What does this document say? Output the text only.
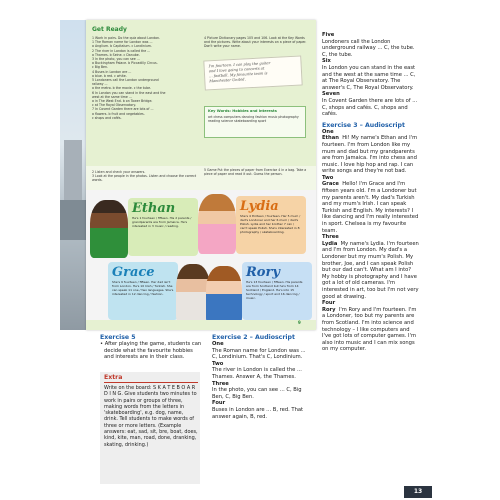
Get Ready
1 Work in pairs. Do the quiz about London.
1 The Roman name for London was ...
a Anglium. b Capitalum. c Londinium.
2 The river in London is called the ...
a Thames. b Seine. c Danube.
3 In the photo, you can see ...
a Buckingham Palace. b Piccadilly Circus.
c Big Ben.
4 Buses in London are ...
a blue. b red. c white.
5 Londoners call the London underground
railway ...
a the metro. b the movie. c the tube.
6 In London you can stand in the east and the
west at the same time ...
a in The West End. b on Tower Bridge.
c at The Royal Observatory.
7 In Covent Garden there are lots of ...
a flowers. b fruit and vegetables.
c shops and cafés.
4 Picture Dictionary pages 105 and 106. Look at the Key Words and the pictures. Write about your interests on a piece of paper. Don't write your name.
I'm fourteen. I can play the guitar
and I love going to concerts at
... football. My favourite team is
Manchester United.
Key Words: Hobbies and interests
art chess computers dancing fashion music photography reading science skateboarding sport
2 Listen and check your answers.
3 Look at the people in the photos. Listen and choose the correct words.
5 Game Put the pieces of paper from Exercise 4 in a bag. Take a piece of paper and read it out. Guess the person.
Ethan
He's 1 fourteen / fifteen. His 2 parents / grandparents are from Jamaica. He's interested in 3 music / reading.
Lydia
She's 4 thirteen / fourteen. Her 5 mum / dad's Londoner and her 6 mum / dad's Polish. Lydia and her brother 7 can / can't speak Polish. She's interested in 8 photography / skateboarding.
Grace
She's 9 fourteen / fifteen. Her dad isn't from London. He's 10 Irish / Turkish. She can speak 11 one / two languages. She's interested in 12 dancing / fashion.
Rory
He's 13 fourteen / fifteen. His parents are from Scotland but he's from 14 Scotland / England. He's into 15 technology / sport and 16 dancing / music.
9
Exercise 5
• After playing the game, students can decide what the favourite hobbies and interests are in their class.
Extra
Write on the board: S K A T E B O A R D I N G. Give students two minutes to work in pairs or groups of three, making words from the letters in 'skateboarding', e.g. dog, name, drink. Tell students to make words of three or more letters. (Example answers: eat, sad, sit, bre, boat, does, kind, kite, man, road, done, dranking, skating, drinking.)
Exercise 2 – Audioscript
One
The Roman name for London was ... C, Londinium. That's C, Londinium.
Two
The river in London is called the ... Thames. Answer A, the Thames.
Three
In the photo, you can see ... C, Big Ben, C, Big Ben.
Four
Buses in London are ... B, red. That answer again, B, red.
Five
Londoners call the London underground railway ... C, the tube. C, the tube.
Six
In London you can stand in the east and the west at the same time ... C, at The Royal Observatory. The answer's C, The Royal Observatory.
Seven
In Covent Garden there are lots of ... C, shops and cafés. C, shops and cafés.
Exercise 3 – Audioscript
One
Ethan Hi! My name's Ethan and I'm fourteen. I'm from London like my mum and dad but my grandparents are from Jamaica. I'm into chess and music. I love hip hop and rap. I can write songs and they're not bad.
Two
Grace Hello! I'm Grace and I'm fifteen years old. I'm a Londoner but my parents aren't. My dad's Turkish and my mum's Irish. I can speak Turkish and English. My interests? I like dancing and I'm really interested in sport. Chelsea is my favourite team.
Three
Lydia My name's Lydia. I'm fourteen and I'm from London. My dad's a Londoner but my mum's Polish. My brother, Joe, and I can speak Polish but our dad can't. What am I into? My hobby is photography and I have got a lot of old cameras. I'm interested in art, too but I'm not very good at drawing.
Four
Rory I'm Rory and I'm fourteen. I'm a Londoner, too but my parents are from Scotland. I'm into science and technology – I like computers and I've got lots of computer games. I'm also into music and I can mix songs on my computer.
13
